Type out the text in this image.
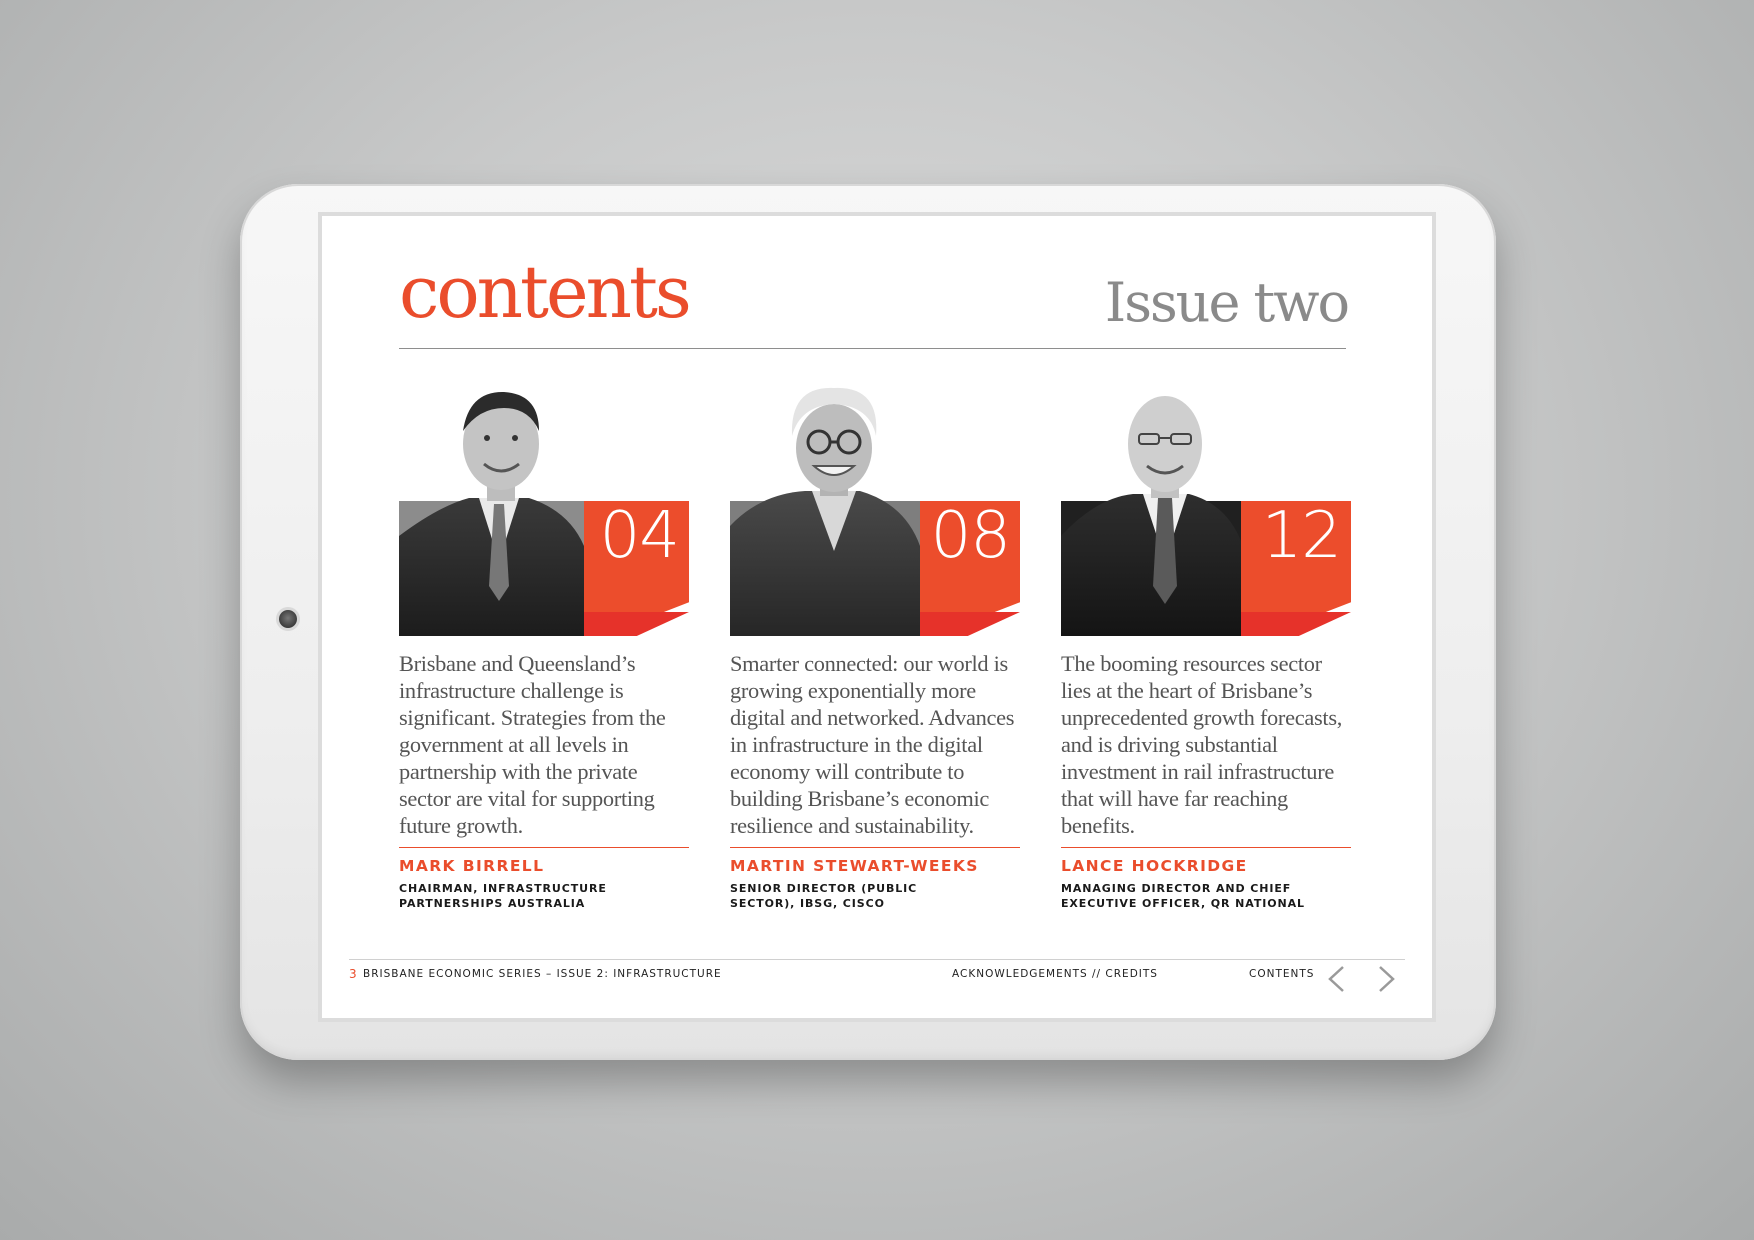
contents	Issue two
04
Brisbane and Queensland’s infrastructure challenge is significant. Strategies from the government at all levels in partnership with the private sector are vital for supporting future growth.
MARK BIRRELL
CHAIRMAN, INFRASTRUCTURE PARTNERSHIPS AUSTRALIA
08
Smarter connected: our world is growing exponentially more digital and networked. Advances in infrastructure in the digital economy will contribute to building Brisbane’s economic resilience and sustainability.
MARTIN STEWART-WEEKS
SENIOR DIRECTOR (PUBLIC SECTOR), IBSG, CISCO
12
The booming resources sector lies at the heart of Brisbane’s unprecedented growth forecasts, and is driving substantial investment in rail infrastructure that will have far reaching benefits.
LANCE HOCKRIDGE
MANAGING DIRECTOR AND CHIEF EXECUTIVE OFFICER, QR NATIONAL
3 BRISBANE ECONOMIC SERIES – ISSUE 2: INFRASTRUCTURE	ACKNOWLEDGEMENTS // CREDITS	CONTENTS
